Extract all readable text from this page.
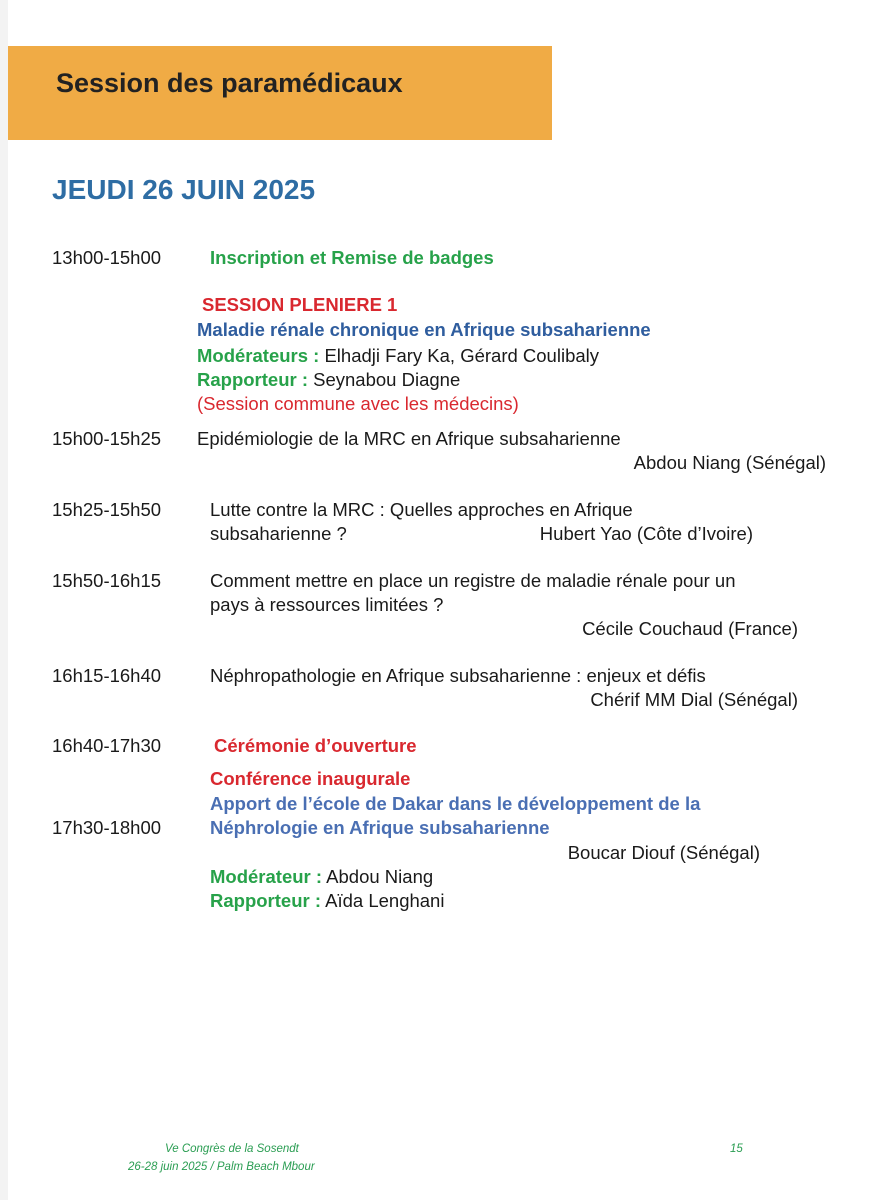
Session des paramédicaux
JEUDI 26 JUIN 2025
13h00-15h00	Inscription et Remise de badges
SESSION PLENIERE 1
Maladie rénale chronique en Afrique subsaharienne
Modérateurs : Elhadji Fary Ka, Gérard Coulibaly
Rapporteur : Seynabou Diagne
(Session commune avec les médecins)
15h00-15h25 Epidémiologie de la MRC en Afrique subsaharienne
Abdou Niang (Sénégal)
15h25-15h50	Lutte contre la MRC : Quelles approches en Afrique
subsaharienne ?	Hubert Yao (Côte d’Ivoire)
15h50-16h15	Comment mettre en place un registre de maladie rénale pour un
pays à ressources limitées ?
Cécile Couchaud (France)
16h15-16h40	Néphropathologie en Afrique subsaharienne : enjeux et défis
Chérif MM Dial (Sénégal)
16h40-17h30	Cérémonie d’ouverture
Conférence inaugurale
Apport de l’école de Dakar dans le développement de la
17h30-18h00	Néphrologie en Afrique subsaharienne
Boucar Diouf (Sénégal)
Modérateur : Abdou Niang
Rapporteur : Aïda Lenghani
Ve Congrès de la Sosendt
26-28 juin 2025 / Palm Beach Mbour
15
